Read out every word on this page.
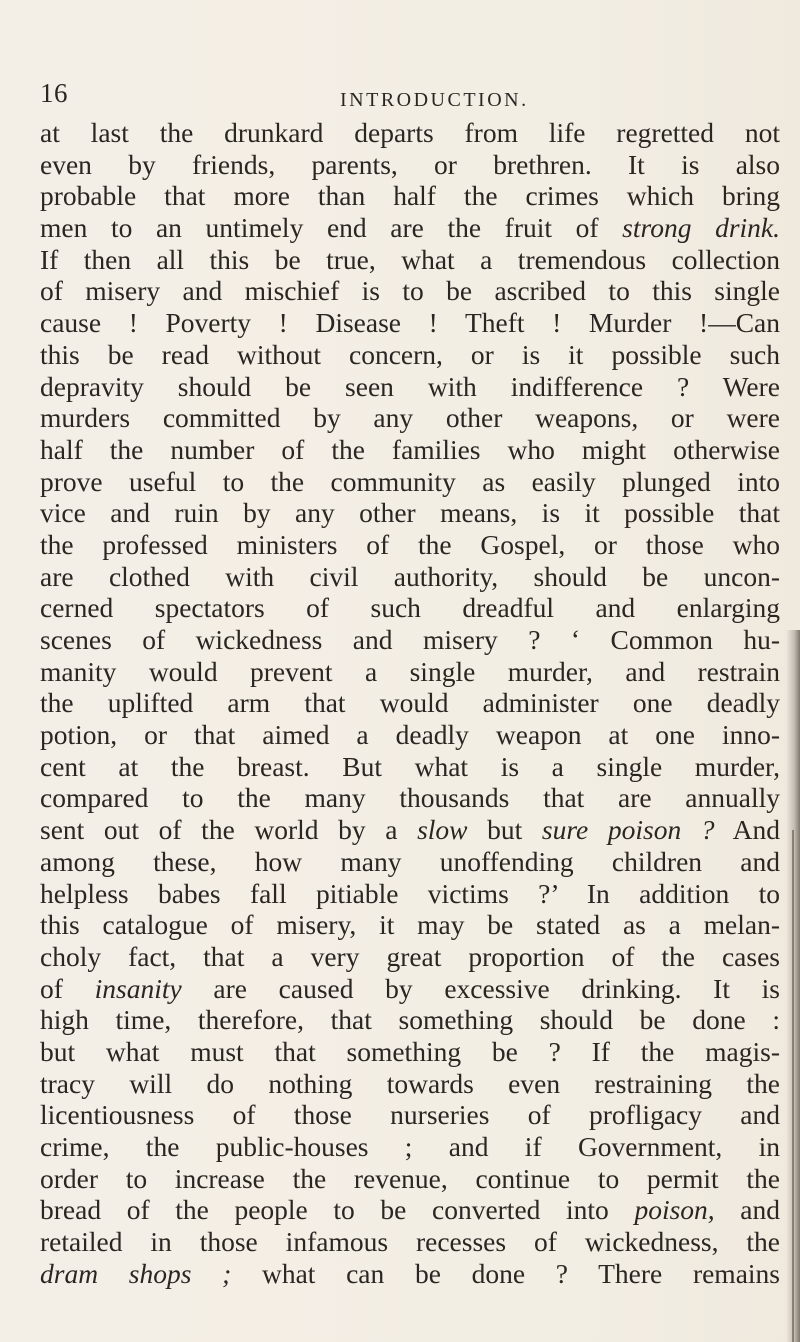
16	INTRODUCTION.
at last the drunkard departs from life regretted not
even by friends, parents, or brethren. It is also
probable that more than half the crimes which bring
men to an untimely end are the fruit of strong drink.
If then all this be true, what a tremendous collection
of misery and mischief is to be ascribed to this single
cause ! Poverty ! Disease ! Theft ! Murder !—Can
this be read without concern, or is it possible such
depravity should be seen with indifference ? Were
murders committed by any other weapons, or were
half the number of the families who might otherwise
prove useful to the community as easily plunged into
vice and ruin by any other means, is it possible that
the professed ministers of the Gospel, or those who
are clothed with civil authority, should be uncon-
cerned spectators of such dreadful and enlarging
scenes of wickedness and misery ? ‘ Common hu-
manity would prevent a single murder, and restrain
the uplifted arm that would administer one deadly
potion, or that aimed a deadly weapon at one inno-
cent at the breast. But what is a single murder,
compared to the many thousands that are annually
sent out of the world by a slow but sure poison ? And
among these, how many unoffending children and
helpless babes fall pitiable victims ?’ In addition to
this catalogue of misery, it may be stated as a melan-
choly fact, that a very great proportion of the cases
of insanity are caused by excessive drinking. It is
high time, therefore, that something should be done :
but what must that something be ? If the magis-
tracy will do nothing towards even restraining the
licentiousness of those nurseries of profligacy and
crime, the public-houses ; and if Government, in
order to increase the revenue, continue to permit the
bread of the people to be converted into poison, and
retailed in those infamous recesses of wickedness, the
dram shops ; what can be done ? There remains
